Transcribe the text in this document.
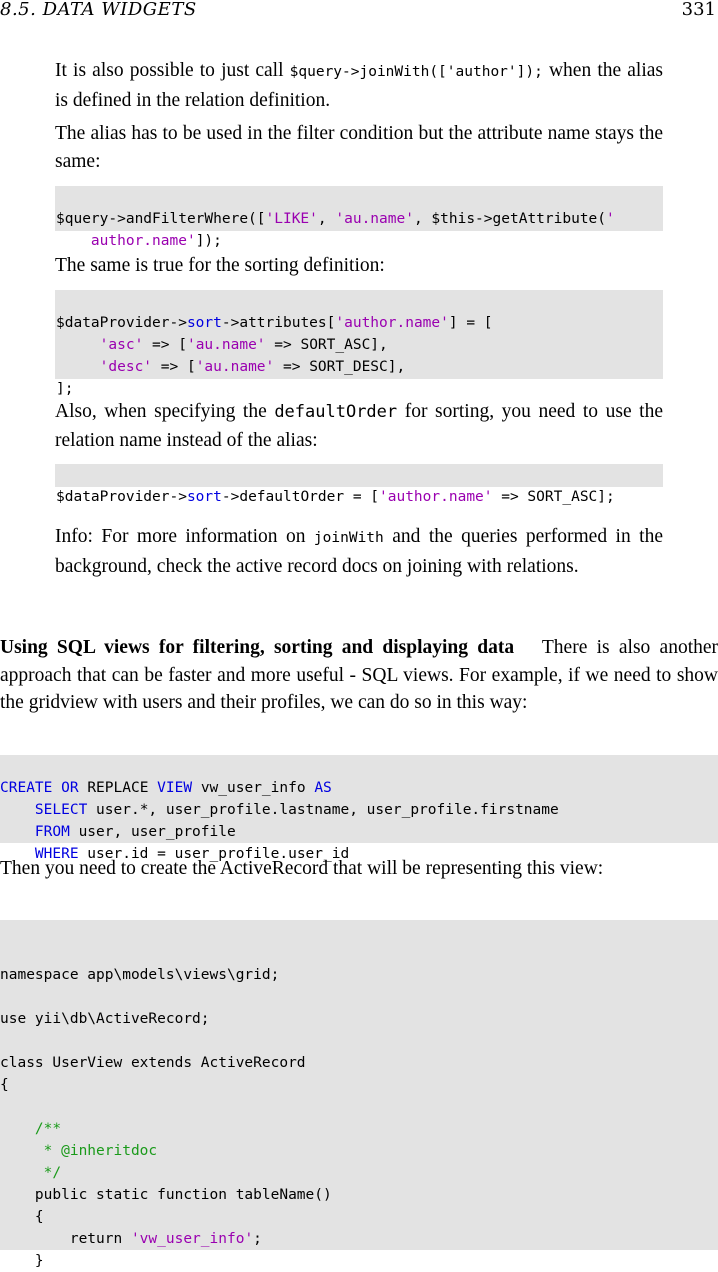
8.5. DATA WIDGETS	331
It is also possible to just call $query->joinWith(['author']); when the alias is defined in the relation definition.
The alias has to be used in the filter condition but the attribute name stays the same:

$query->andFilterWhere(['LIKE', 'au.name', $this->getAttribute('
author.name']);
The same is true for the sorting definition:

$dataProvider->sort->attributes['author.name'] = [
'asc' => ['au.name' => SORT_ASC],
'desc' => ['au.name' => SORT_DESC],
];
Also, when specifying the defaultOrder for sorting, you need to use the relation name instead of the alias:

$dataProvider->sort->defaultOrder = ['author.name' => SORT_ASC];
Info: For more information on joinWith and the queries performed in the background, check the active record docs on joining with relations.
Using SQL views for filtering, sorting and displaying data There is also another approach that can be faster and more useful - SQL views. For example, if we need to show the gridview with users and their profiles, we can do so in this way:

CREATE OR REPLACE VIEW vw_user_info AS
SELECT user.*, user_profile.lastname, user_profile.firstname
FROM user, user_profile
WHERE user.id = user_profile.user_id
Then you need to create the ActiveRecord that will be representing this view:

namespace app\models\views\grid;
use yii\db\ActiveRecord;
class UserView extends ActiveRecord
{
/**
* @inheritdoc
*/
public static function tableName()
{
return 'vw_user_info';
}
